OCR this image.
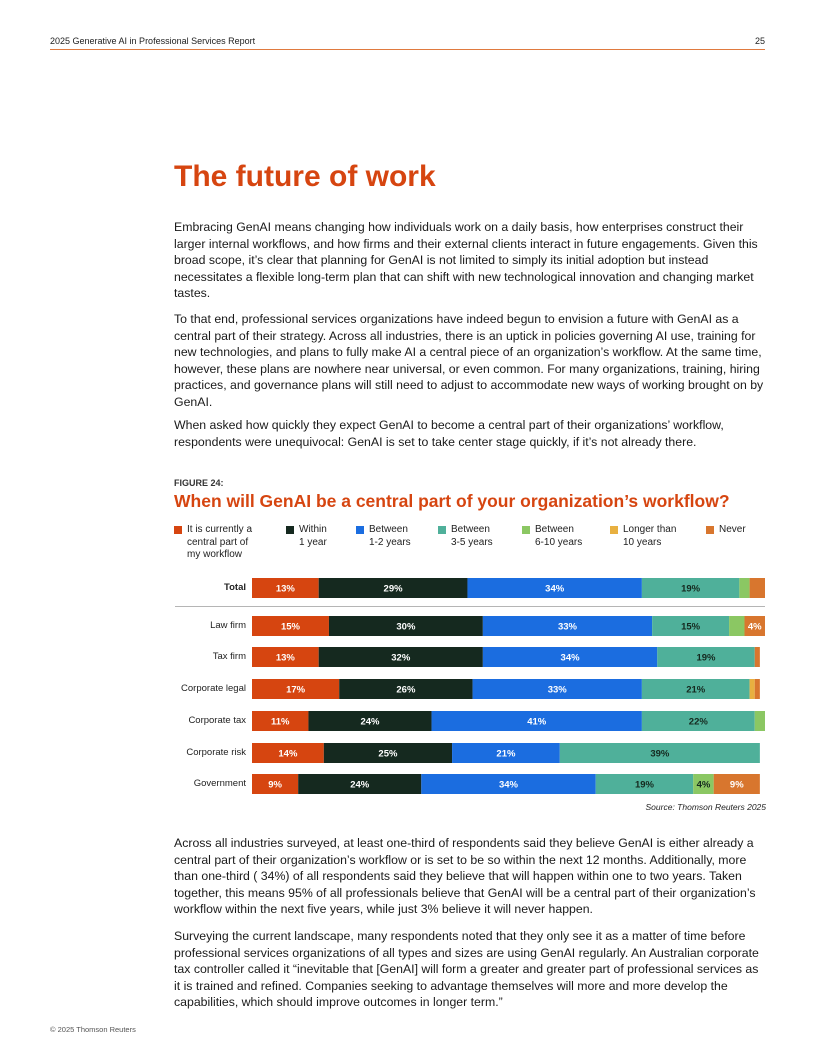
2025 Generative AI in Professional Services Report	25
The future of work

Embracing GenAI means changing how individuals work on a daily basis, how enterprises construct their larger internal workflows, and how firms and their external clients interact in future engagements. Given this broad scope, it’s clear that planning for GenAI is not limited to simply its initial adoption but instead necessitates a flexible long-term plan that can shift with new technological innovation and changing market tastes.

To that end, professional services organizations have indeed begun to envision a future with GenAI as a central part of their strategy. Across all industries, there is an uptick in policies governing AI use, training for new technologies, and plans to fully make AI a central piece of an organization’s workflow. At the same time, however, these plans are nowhere near universal, or even common. For many organizations, training, hiring practices, and governance plans will still need to adjust to accommodate new ways of working brought on by GenAI.

When asked how quickly they expect GenAI to become a central part of their organizations’ workflow, respondents were unequivocal: GenAI is set to take center stage quickly, if it’s not already there.

FIGURE 24:
When will GenAI be a central part of your organization’s workflow?
It is currently a
central part of
my workflow
Within
1 year
Between
1-2 years
Between
3-5 years
Between
6-10 years
Longer than
10 years
Never
13%	29%	34%	19%
15%	30%	33%	15%	4%
13%	32%	34%	19%
17%	26%	33%	21%
11%	24%	41%	22%
14%	25%	21%	39%
9%	24%	34%	19%	4% 9%
Source: Thomson Reuters 2025
Total
Law firm
Tax firm
Corporate legal
Corporate tax
Corporate risk
Government

Across all industries surveyed, at least one-third of respondents said they believe GenAI is either already a central part of their organization’s workflow or is set to be so within the next 12 months. Additionally, more than one-third ( 34%) of all respondents said they believe that will happen within one to two years. Taken together, this means 95% of all professionals believe that GenAI will be a central part of their organization’s workflow within the next five years, while just 3% believe it will never happen.

Surveying the current landscape, many respondents noted that they only see it as a matter of time before professional services organizations of all types and sizes are using GenAI regularly. An Australian corporate tax controller called it “inevitable that [GenAI] will form a greater and greater part of professional services as it is trained and refined. Companies seeking to advantage themselves will more and more develop the capabilities, which should improve outcomes in longer term.”

© 2025 Thomson Reuters
